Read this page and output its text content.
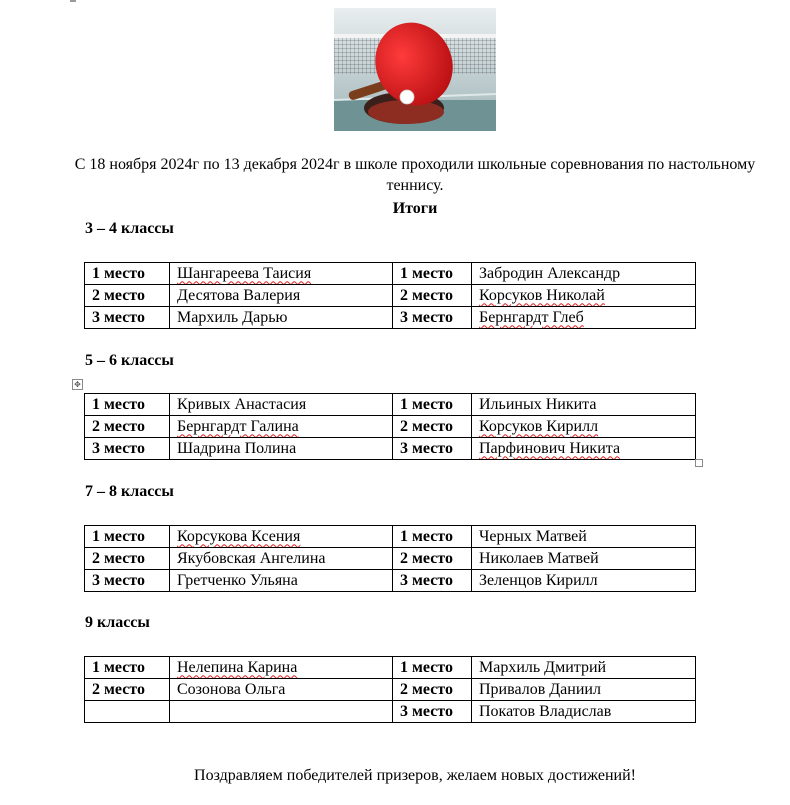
С 18 ноября 2024г по 13 декабря 2024г в школе проходили школьные соревнования по настольному теннису.
Итоги
3 – 4 классы
1 место	Шангареева Таисия	1 место	Забродин Александр
2 место	Десятова Валерия	2 место	Корсуков Николай
3 место	Мархиль Дарью	3 место	Бернгардт Глеб
5 – 6 классы
✥
1 место	Кривых Анастасия	1 место	Ильиных Никита
2 место	Бернгардт Галина	2 место	Корсуков Кирилл
3 место	Шадрина Полина	3 место	Парфинович Никита
7 – 8 классы
1 место	Корсукова Ксения	1 место	Черных Матвей
2 место	Якубовская Ангелина	2 место	Николаев Матвей
3 место	Гретченко Ульяна	3 место	Зеленцов Кирилл
9 классы
1 место	Нелепина Карина	1 место	Мархиль Дмитрий
2 место	Созонова Ольга	2 место	Привалов Даниил
		3 место	Покатов Владислав
Поздравляем победителей призеров, желаем новых достижений!
